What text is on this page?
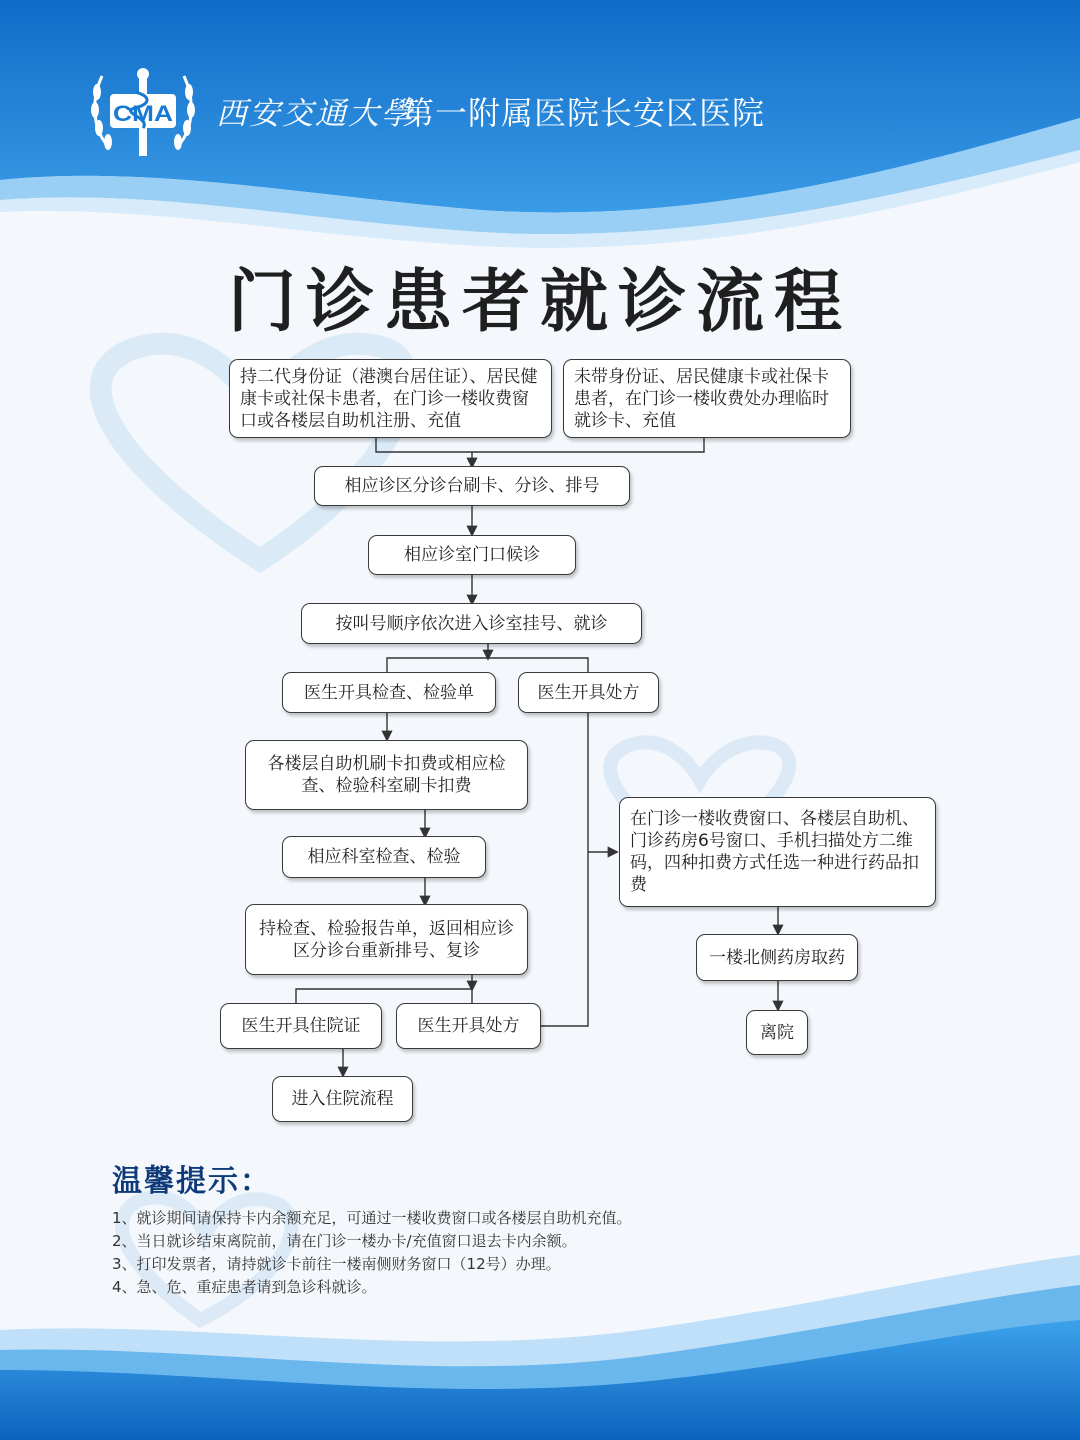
CMA 西安交通大學
第一附属医院长安区医院
门诊患者就诊流程
持二代身份证（港澳台居住证）、居民健康卡或社保卡患者，在门诊一楼收费窗口或各楼层自助机注册、充值
未带身份证、居民健康卡或社保卡患者，在门诊一楼收费处办理临时就诊卡、充值
相应诊区分诊台刷卡、分诊、排号
相应诊室门口候诊
按叫号顺序依次进入诊室挂号、就诊
医生开具检查、检验单	医生开具处方
各楼层自助机刷卡扣费或相应检查、检验科室刷卡扣费
相应科室检查、检验
持检查、检验报告单，返回相应诊区分诊台重新排号、复诊
医生开具住院证	医生开具处方
进入住院流程
在门诊一楼收费窗口、各楼层自助机、门诊药房6号窗口、手机扫描处方二维码，四种扣费方式任选一种进行药品扣费
一楼北侧药房取药
离院
温馨提示：
1、就诊期间请保持卡内余额充足，可通过一楼收费窗口或各楼层自助机充值。
2、当日就诊结束离院前，请在门诊一楼办卡/充值窗口退去卡内余额。
3、打印发票者，请持就诊卡前往一楼南侧财务窗口（12号）办理。
4、急、危、重症患者请到急诊科就诊。
